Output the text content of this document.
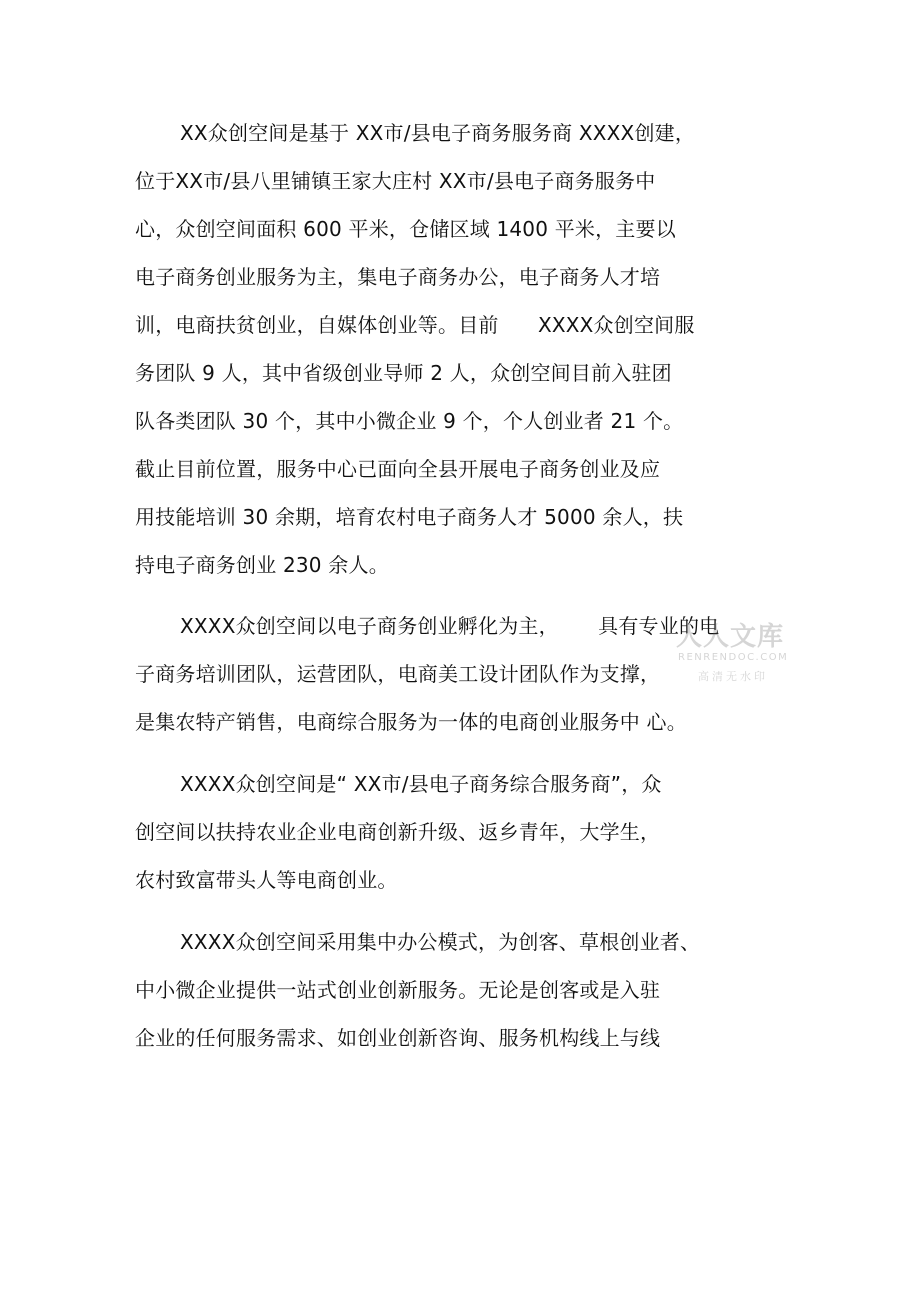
XX众创空间是基于 XX市/县电子商务服务商 XXXX创建，
位于XX市/县八里铺镇王家大庄村 XX市/县电子商务服务中
心，众创空间面积 600 平米，仓储区域 1400 平米，主要以
电子商务创业服务为主，集电子商务办公，电子商务人才培
训，电商扶贫创业，自媒体创业等。目前      XXXX众创空间服
务团队 9 人，其中省级创业导师 2 人，众创空间目前入驻团
队各类团队 30 个，其中小微企业 9 个，个人创业者 21 个。
截止目前位置，服务中心已面向全县开展电子商务创业及应
用技能培训 30 余期，培育农村电子商务人才 5000 余人，扶
持电子商务创业 230 余人。
XXXX众创空间以电子商务创业孵化为主，      具有专业的电
子商务培训团队，运营团队，电商美工设计团队作为支撑，
是集农特产销售，电商综合服务为一体的电商创业服务中 心。
XXXX众创空间是“ XX市/县电子商务综合服务商”，众
创空间以扶持农业企业电商创新升级、返乡青年，大学生，
农村致富带头人等电商创业。
XXXX众创空间采用集中办公模式，为创客、草根创业者、
中小微企业提供一站式创业创新服务。无论是创客或是入驻
企业的任何服务需求、如创业创新咨询、服务机构线上与线
人人文库
RENRENDOC.COM
高清无水印
